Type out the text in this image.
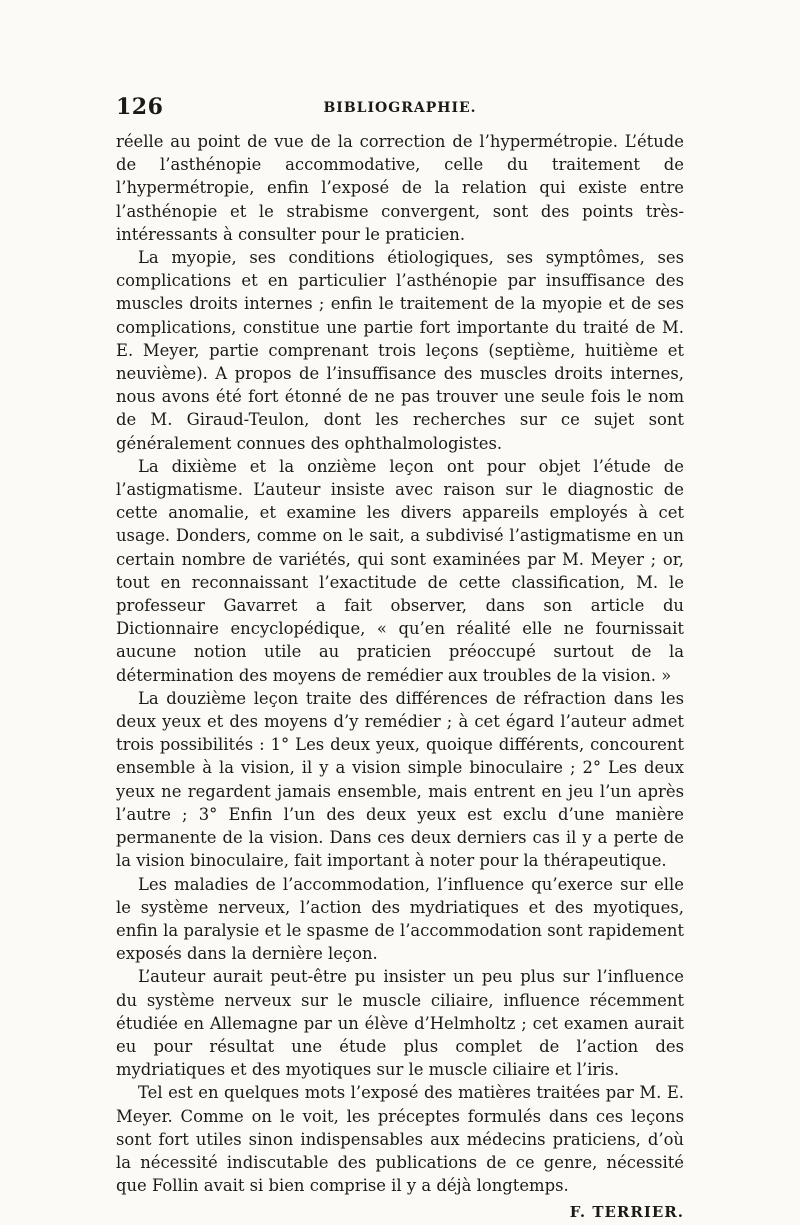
126	BIBLIOGRAPHIE.

réelle au point de vue de la correction de l’hypermétropie. L’étude de l’asthénopie accommodative, celle du traitement de l’hypermétropie, enfin l’exposé de la relation qui existe entre l’asthénopie et le strabisme convergent, sont des points très-intéressants à consulter pour le praticien.

La myopie, ses conditions étiologiques, ses symptômes, ses complications et en particulier l’asthénopie par insuffisance des muscles droits internes ; enfin le traitement de la myopie et de ses complications, constitue une partie fort importante du traité de M. E. Meyer, partie comprenant trois leçons (septième, huitième et neuvième). A propos de l’insuffisance des muscles droits internes, nous avons été fort étonné de ne pas trouver une seule fois le nom de M. Giraud-Teulon, dont les recherches sur ce sujet sont généralement connues des ophthalmologistes.

La dixième et la onzième leçon ont pour objet l’étude de l’astigmatisme. L’auteur insiste avec raison sur le diagnostic de cette anomalie, et examine les divers appareils employés à cet usage. Donders, comme on le sait, a subdivisé l’astigmatisme en un certain nombre de variétés, qui sont examinées par M. Meyer ; or, tout en reconnaissant l’exactitude de cette classification, M. le professeur Gavarret a fait observer, dans son article du Dictionnaire encyclopédique, « qu’en réalité elle ne fournissait aucune notion utile au praticien préoccupé surtout de la détermination des moyens de remédier aux troubles de la vision. »

La douzième leçon traite des différences de réfraction dans les deux yeux et des moyens d’y remédier ; à cet égard l’auteur admet trois possibilités : 1° Les deux yeux, quoique différents, concourent ensemble à la vision, il y a vision simple binoculaire ; 2° Les deux yeux ne regardent jamais ensemble, mais entrent en jeu l’un après l’autre ; 3° Enfin l’un des deux yeux est exclu d’une manière permanente de la vision. Dans ces deux derniers cas il y a perte de la vision binoculaire, fait important à noter pour la thérapeutique.

Les maladies de l’accommodation, l’influence qu’exerce sur elle le système nerveux, l’action des mydriatiques et des myotiques, enfin la paralysie et le spasme de l’accommodation sont rapidement exposés dans la dernière leçon.

L’auteur aurait peut-être pu insister un peu plus sur l’influence du système nerveux sur le muscle ciliaire, influence récemment étudiée en Allemagne par un élève d’Helmholtz ; cet examen aurait eu pour résultat une étude plus complet de l’action des mydriatiques et des myotiques sur le muscle ciliaire et l’iris.

Tel est en quelques mots l’exposé des matières traitées par M. E. Meyer. Comme on le voit, les préceptes formulés dans ces leçons sont fort utiles sinon indispensables aux médecins praticiens, d’où la nécessité indiscutable des publications de ce genre, nécessité que Follin avait si bien comprise il y a déjà longtemps.

F. TERRIER.
